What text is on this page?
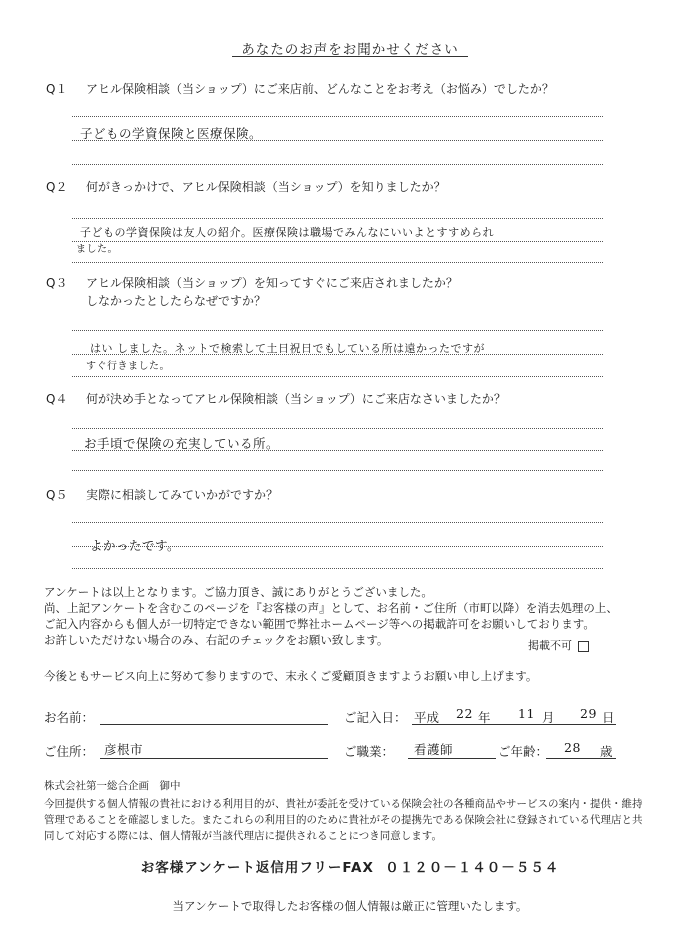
あなたのお声をお聞かせください
Q１ アヒル保険相談（当ショップ）にご来店前、どんなことをお考え（お悩み）でしたか？
子どもの学資保険と医療保険。
Q２ 何がきっかけで、アヒル保険相談（当ショップ）を知りましたか？
子どもの学資保険は友人の紹介。医療保険は職場でみんなにいいよとすすめられ
ました。
Q３ アヒル保険相談（当ショップ）を知ってすぐにご来店されましたか？
しなかったとしたらなぜですか？
はい しました。ネットで検索して土日祝日でもしている所は遠かったですが
すぐ行きました。
Q４ 何が決め手となってアヒル保険相談（当ショップ）にご来店なさいましたか？
お手頃で保険の充実している所。
Q５ 実際に相談してみていかがですか？
よかったです。
アンケートは以上となります。ご協力頂き、誠にありがとうございました。
尚、上記アンケートを含むこのページを『お客様の声』として、お名前・ご住所（市町以降）を消去処理の上、
ご記入内容からも個人が一切特定できない範囲で弊社ホームページ等への掲載許可をお願いしております。
お許しいただけない場合のみ、右記のチェックをお願い致します。	掲載不可
今後ともサービス向上に努めて参りますので、末永くご愛顧頂きますようお願い申し上げます。
お名前：	ご記入日： 平成 22 年 11 月 29 日
ご住所： 彦根市	ご職業： 看護師	ご年齢： 28 歳
株式会社第一総合企画　御中
今回提供する個人情報の貴社における利用目的が、貴社が委託を受けている保険会社の各種商品やサービスの案内・提供・維持
管理であることを確認しました。またこれらの利用目的のために貴社がその提携先である保険会社に登録されている代理店と共
同して対応する際には、個人情報が当該代理店に提供されることにつき同意します。
お客様アンケート返信用フリーFAX ０１２０－１４０－５５４
当アンケートで取得したお客様の個人情報は厳正に管理いたします。
